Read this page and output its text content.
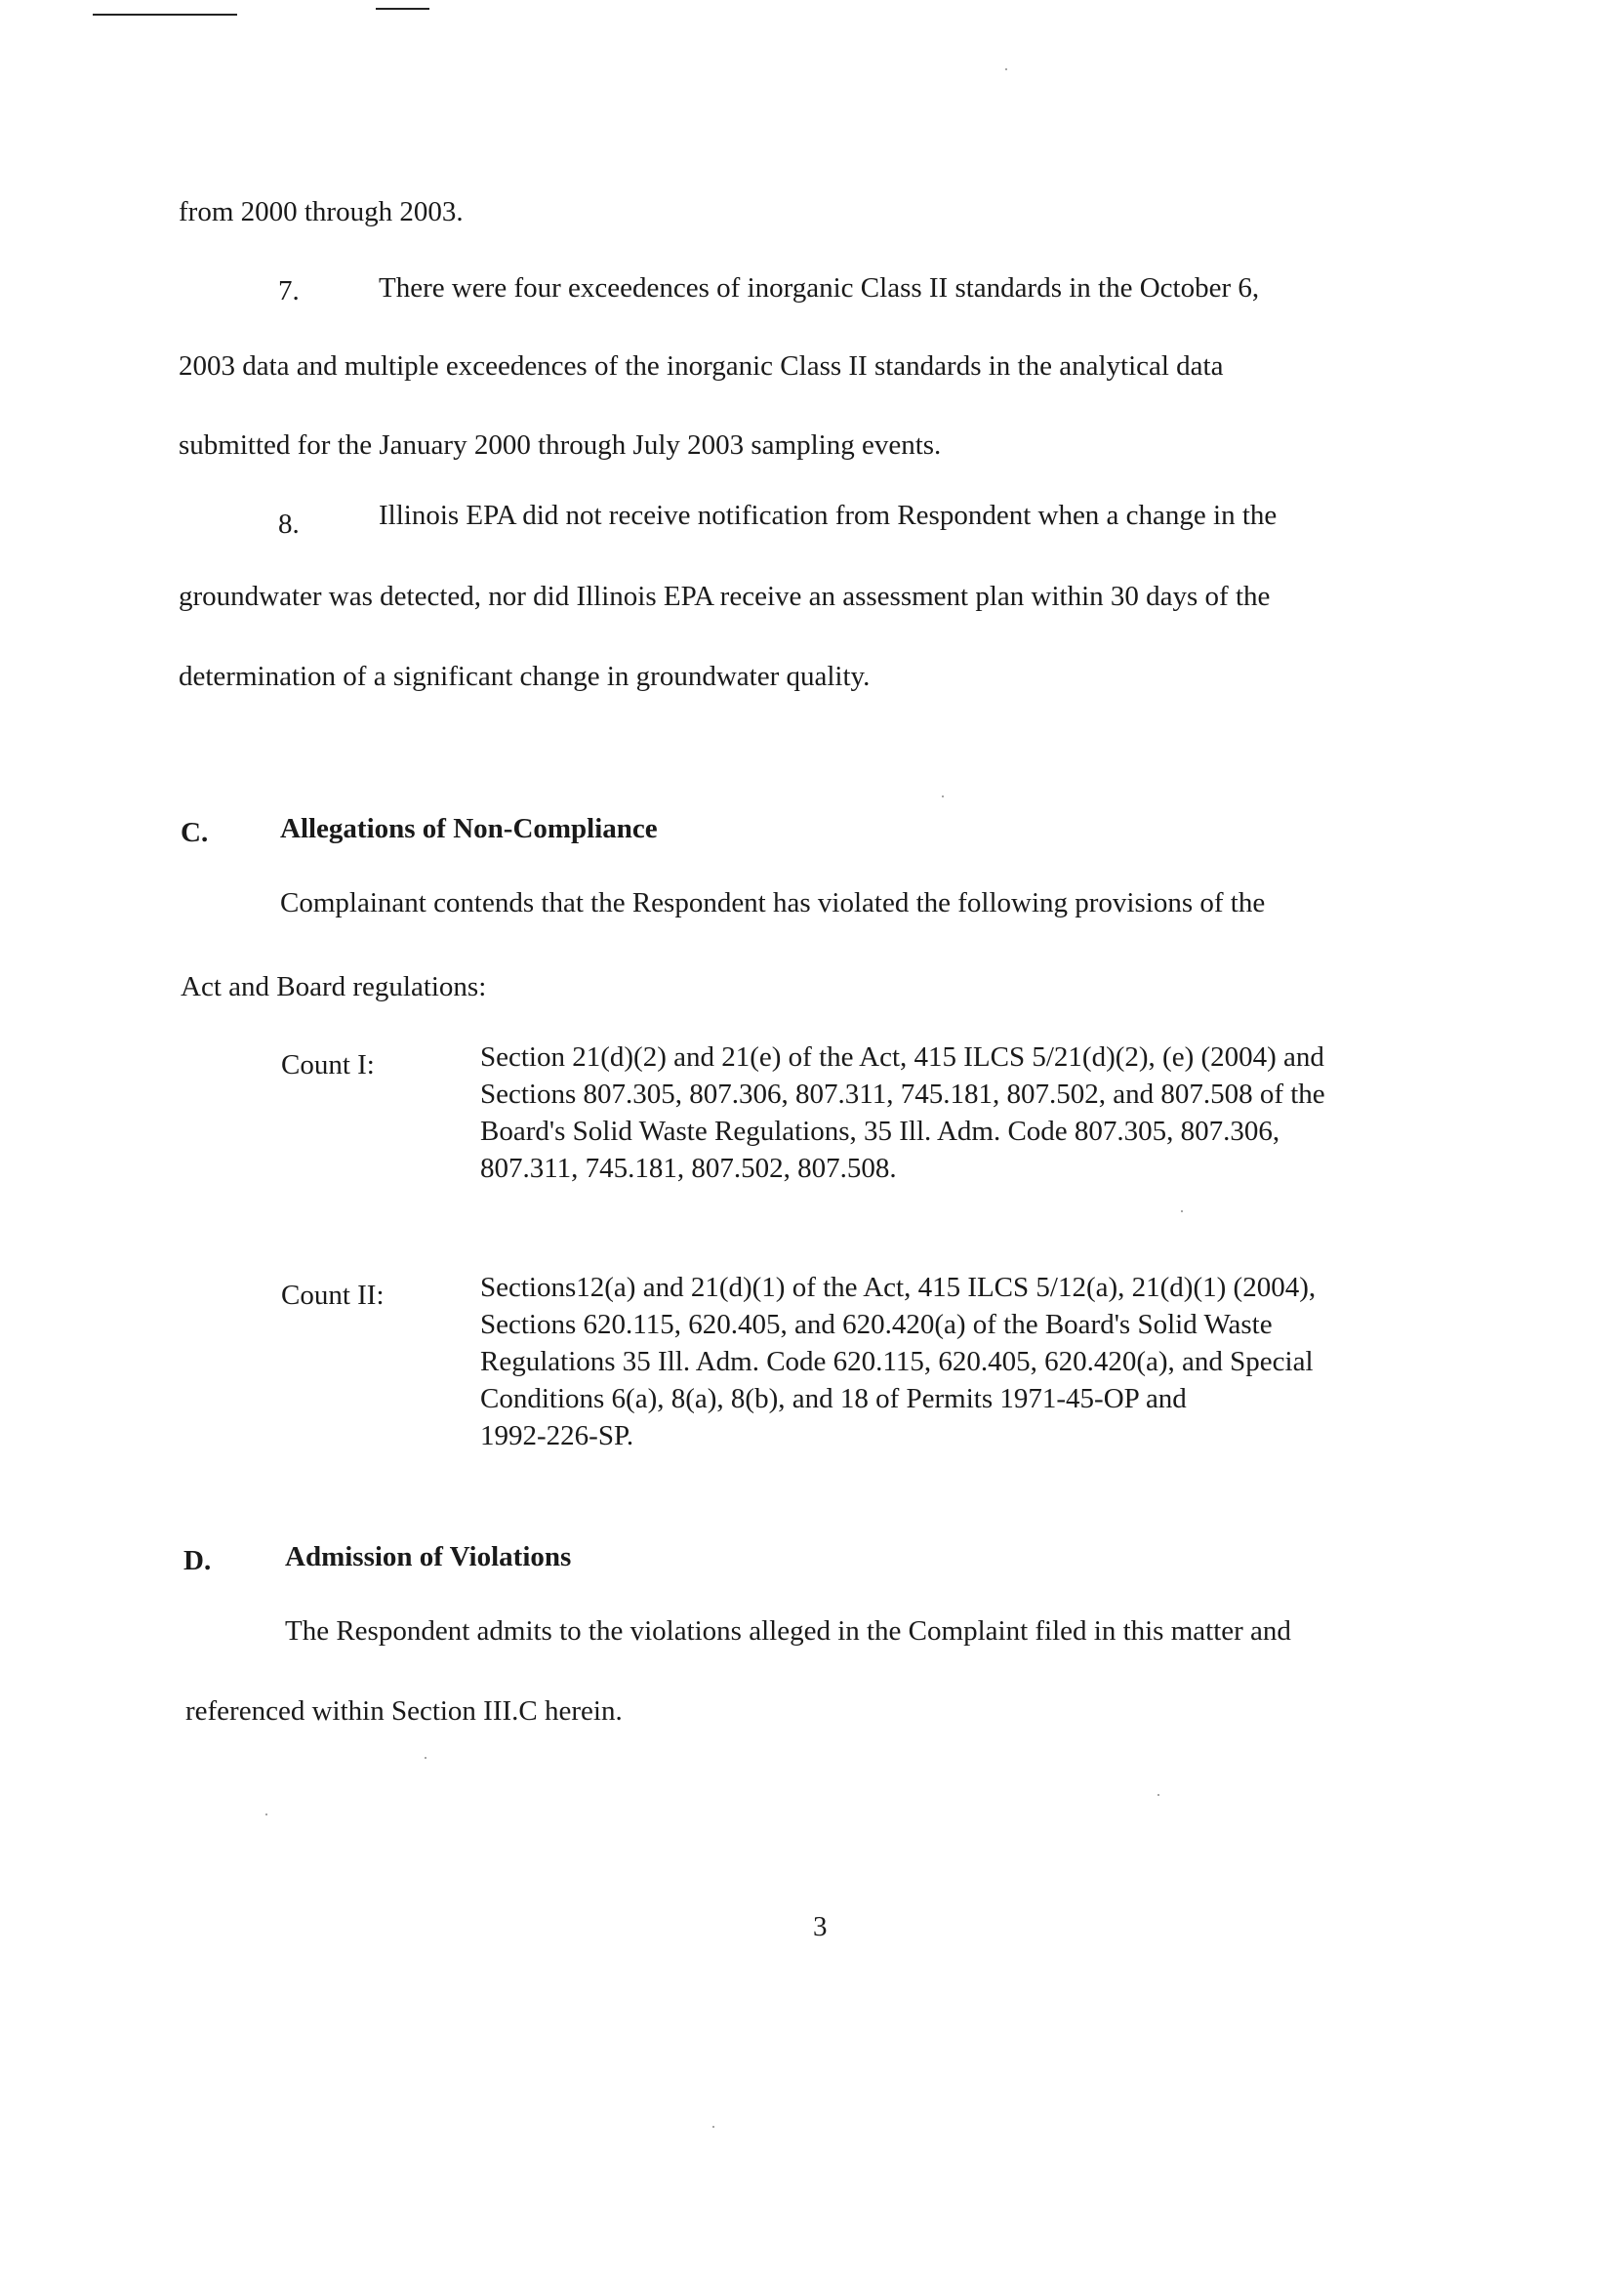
from 2000 through 2003.
7.	There were four exceedences of inorganic Class II standards in the October 6,
2003 data and multiple exceedences of the inorganic Class II standards in the analytical data
submitted for the January 2000 through July 2003 sampling events.
8.	Illinois EPA did not receive notification from Respondent when a change in the
groundwater was detected, nor did Illinois EPA receive an assessment plan within 30 days of the
determination of a significant change in groundwater quality.
C.	Allegations of Non-Compliance
Complainant contends that the Respondent has violated the following provisions of the
Act and Board regulations:
Count I:	Section 21(d)(2) and 21(e) of the Act, 415 ILCS 5/21(d)(2), (e) (2004) and
Sections 807.305, 807.306, 807.311, 745.181, 807.502, and 807.508 of the
Board's Solid Waste Regulations, 35 Ill. Adm. Code 807.305, 807.306,
807.311, 745.181, 807.502, 807.508.
Count II:	Sections12(a) and 21(d)(1) of the Act, 415 ILCS 5/12(a), 21(d)(1) (2004),
Sections 620.115, 620.405, and 620.420(a) of the Board's Solid Waste
Regulations 35 Ill. Adm. Code 620.115, 620.405, 620.420(a), and Special
Conditions 6(a), 8(a), 8(b), and 18 of Permits 1971-45-OP and
1992-226-SP.
D.	Admission of Violations
The Respondent admits to the violations alleged in the Complaint filed in this matter and
referenced within Section III.C herein.
3
